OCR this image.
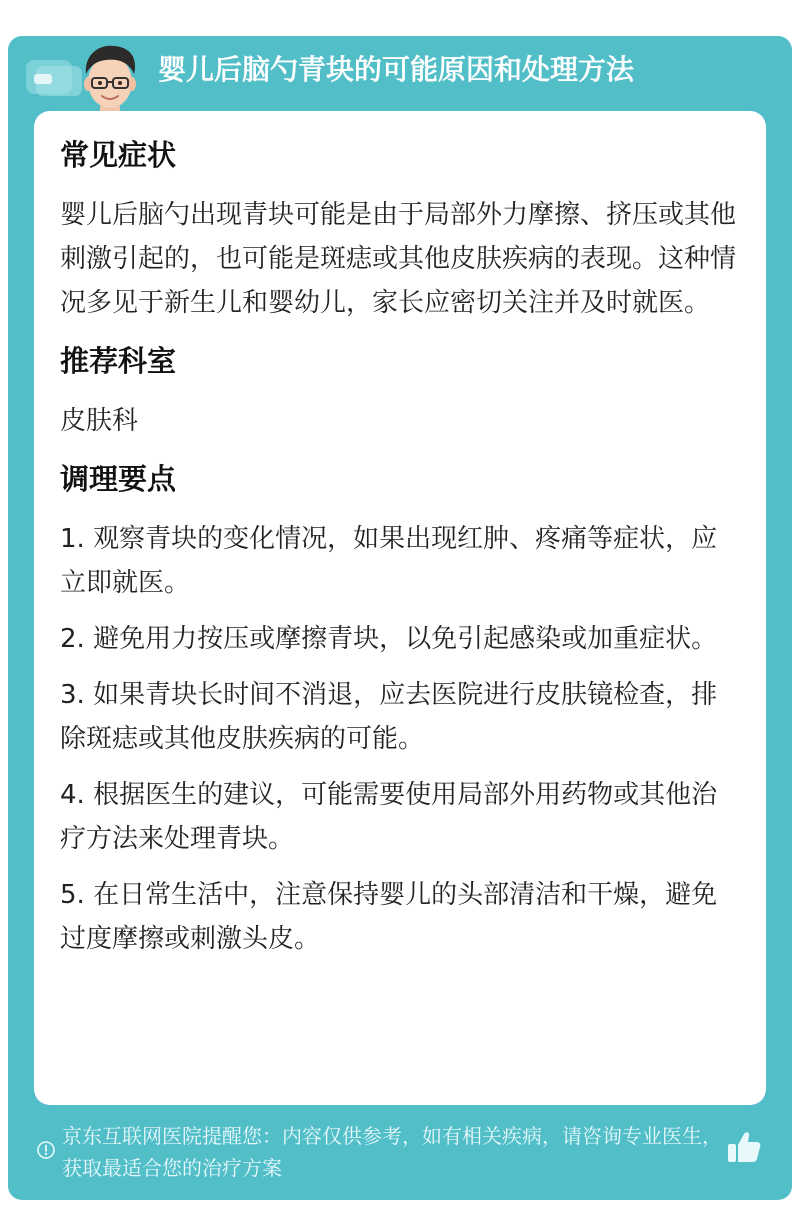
婴儿后脑勺青块的可能原因和处理方法
常见症状

婴儿后脑勺出现青块可能是由于局部外力摩擦、挤压或其他刺激引起的，也可能是斑痣或其他皮肤疾病的表现。这种情况多见于新生儿和婴幼儿，家长应密切关注并及时就医。

推荐科室

皮肤科

调理要点
1. 观察青块的变化情况，如果出现红肿、疼痛等症状，应立即就医。
2. 避免用力按压或摩擦青块，以免引起感染或加重症状。
3. 如果青块长时间不消退，应去医院进行皮肤镜检查，排除斑痣或其他皮肤疾病的可能。
4. 根据医生的建议，可能需要使用局部外用药物或其他治疗方法来处理青块。
5. 在日常生活中，注意保持婴儿的头部清洁和干燥，避免过度摩擦或刺激头皮。
京东互联网医院提醒您：内容仅供参考，如有相关疾病，请咨询专业医生，获取最适合您的治疗方案
